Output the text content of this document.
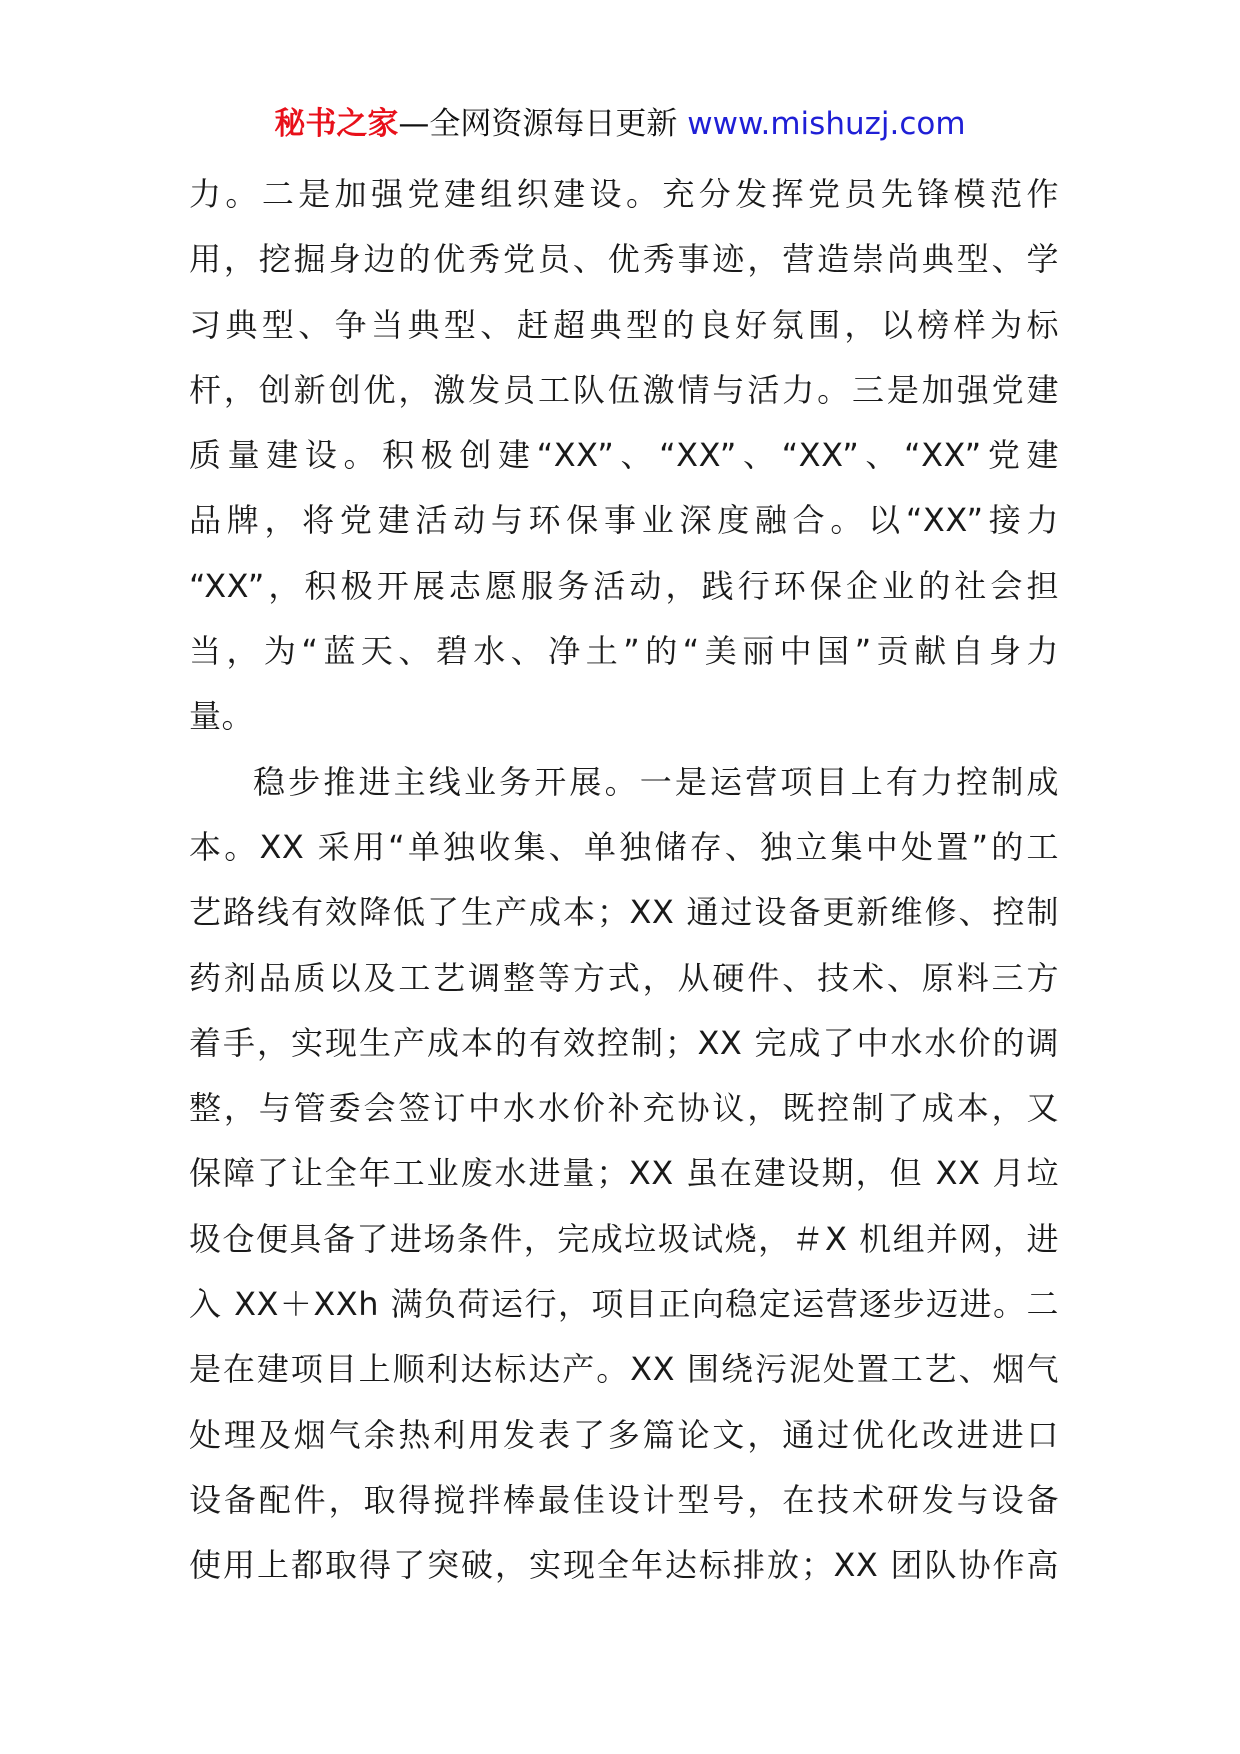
秘书之家—全网资源每日更新 www.mishuzj.com
力。二是加强党建组织建设。充分发挥党员先锋模范作
用，挖掘身边的优秀党员、优秀事迹，营造崇尚典型、学
习典型、争当典型、赶超典型的良好氛围，以榜样为标
杆，创新创优，激发员工队伍激情与活力。三是加强党建
质量建设。积极创建“XX”、“XX”、“XX”、“XX”党建
品牌，将党建活动与环保事业深度融合。以“XX”接力
“XX”，积极开展志愿服务活动，践行环保企业的社会担
当，为“蓝天、碧水、净土”的“美丽中国”贡献自身力
量。
稳步推进主线业务开展。一是运营项目上有力控制成
本。XX 采用“单独收集、单独储存、独立集中处置”的工
艺路线有效降低了生产成本；XX 通过设备更新维修、控制
药剂品质以及工艺调整等方式，从硬件、技术、原料三方
着手，实现生产成本的有效控制；XX 完成了中水水价的调
整，与管委会签订中水水价补充协议，既控制了成本，又
保障了让全年工业废水进量；XX 虽在建设期，但 XX 月垃
圾仓便具备了进场条件，完成垃圾试烧，＃X 机组并网，进
入 XX＋XXh 满负荷运行，项目正向稳定运营逐步迈进。二
是在建项目上顺利达标达产。XX 围绕污泥处置工艺、烟气
处理及烟气余热利用发表了多篇论文，通过优化改进进口
设备配件，取得搅拌棒最佳设计型号，在技术研发与设备
使用上都取得了突破，实现全年达标排放；XX 团队协作高
